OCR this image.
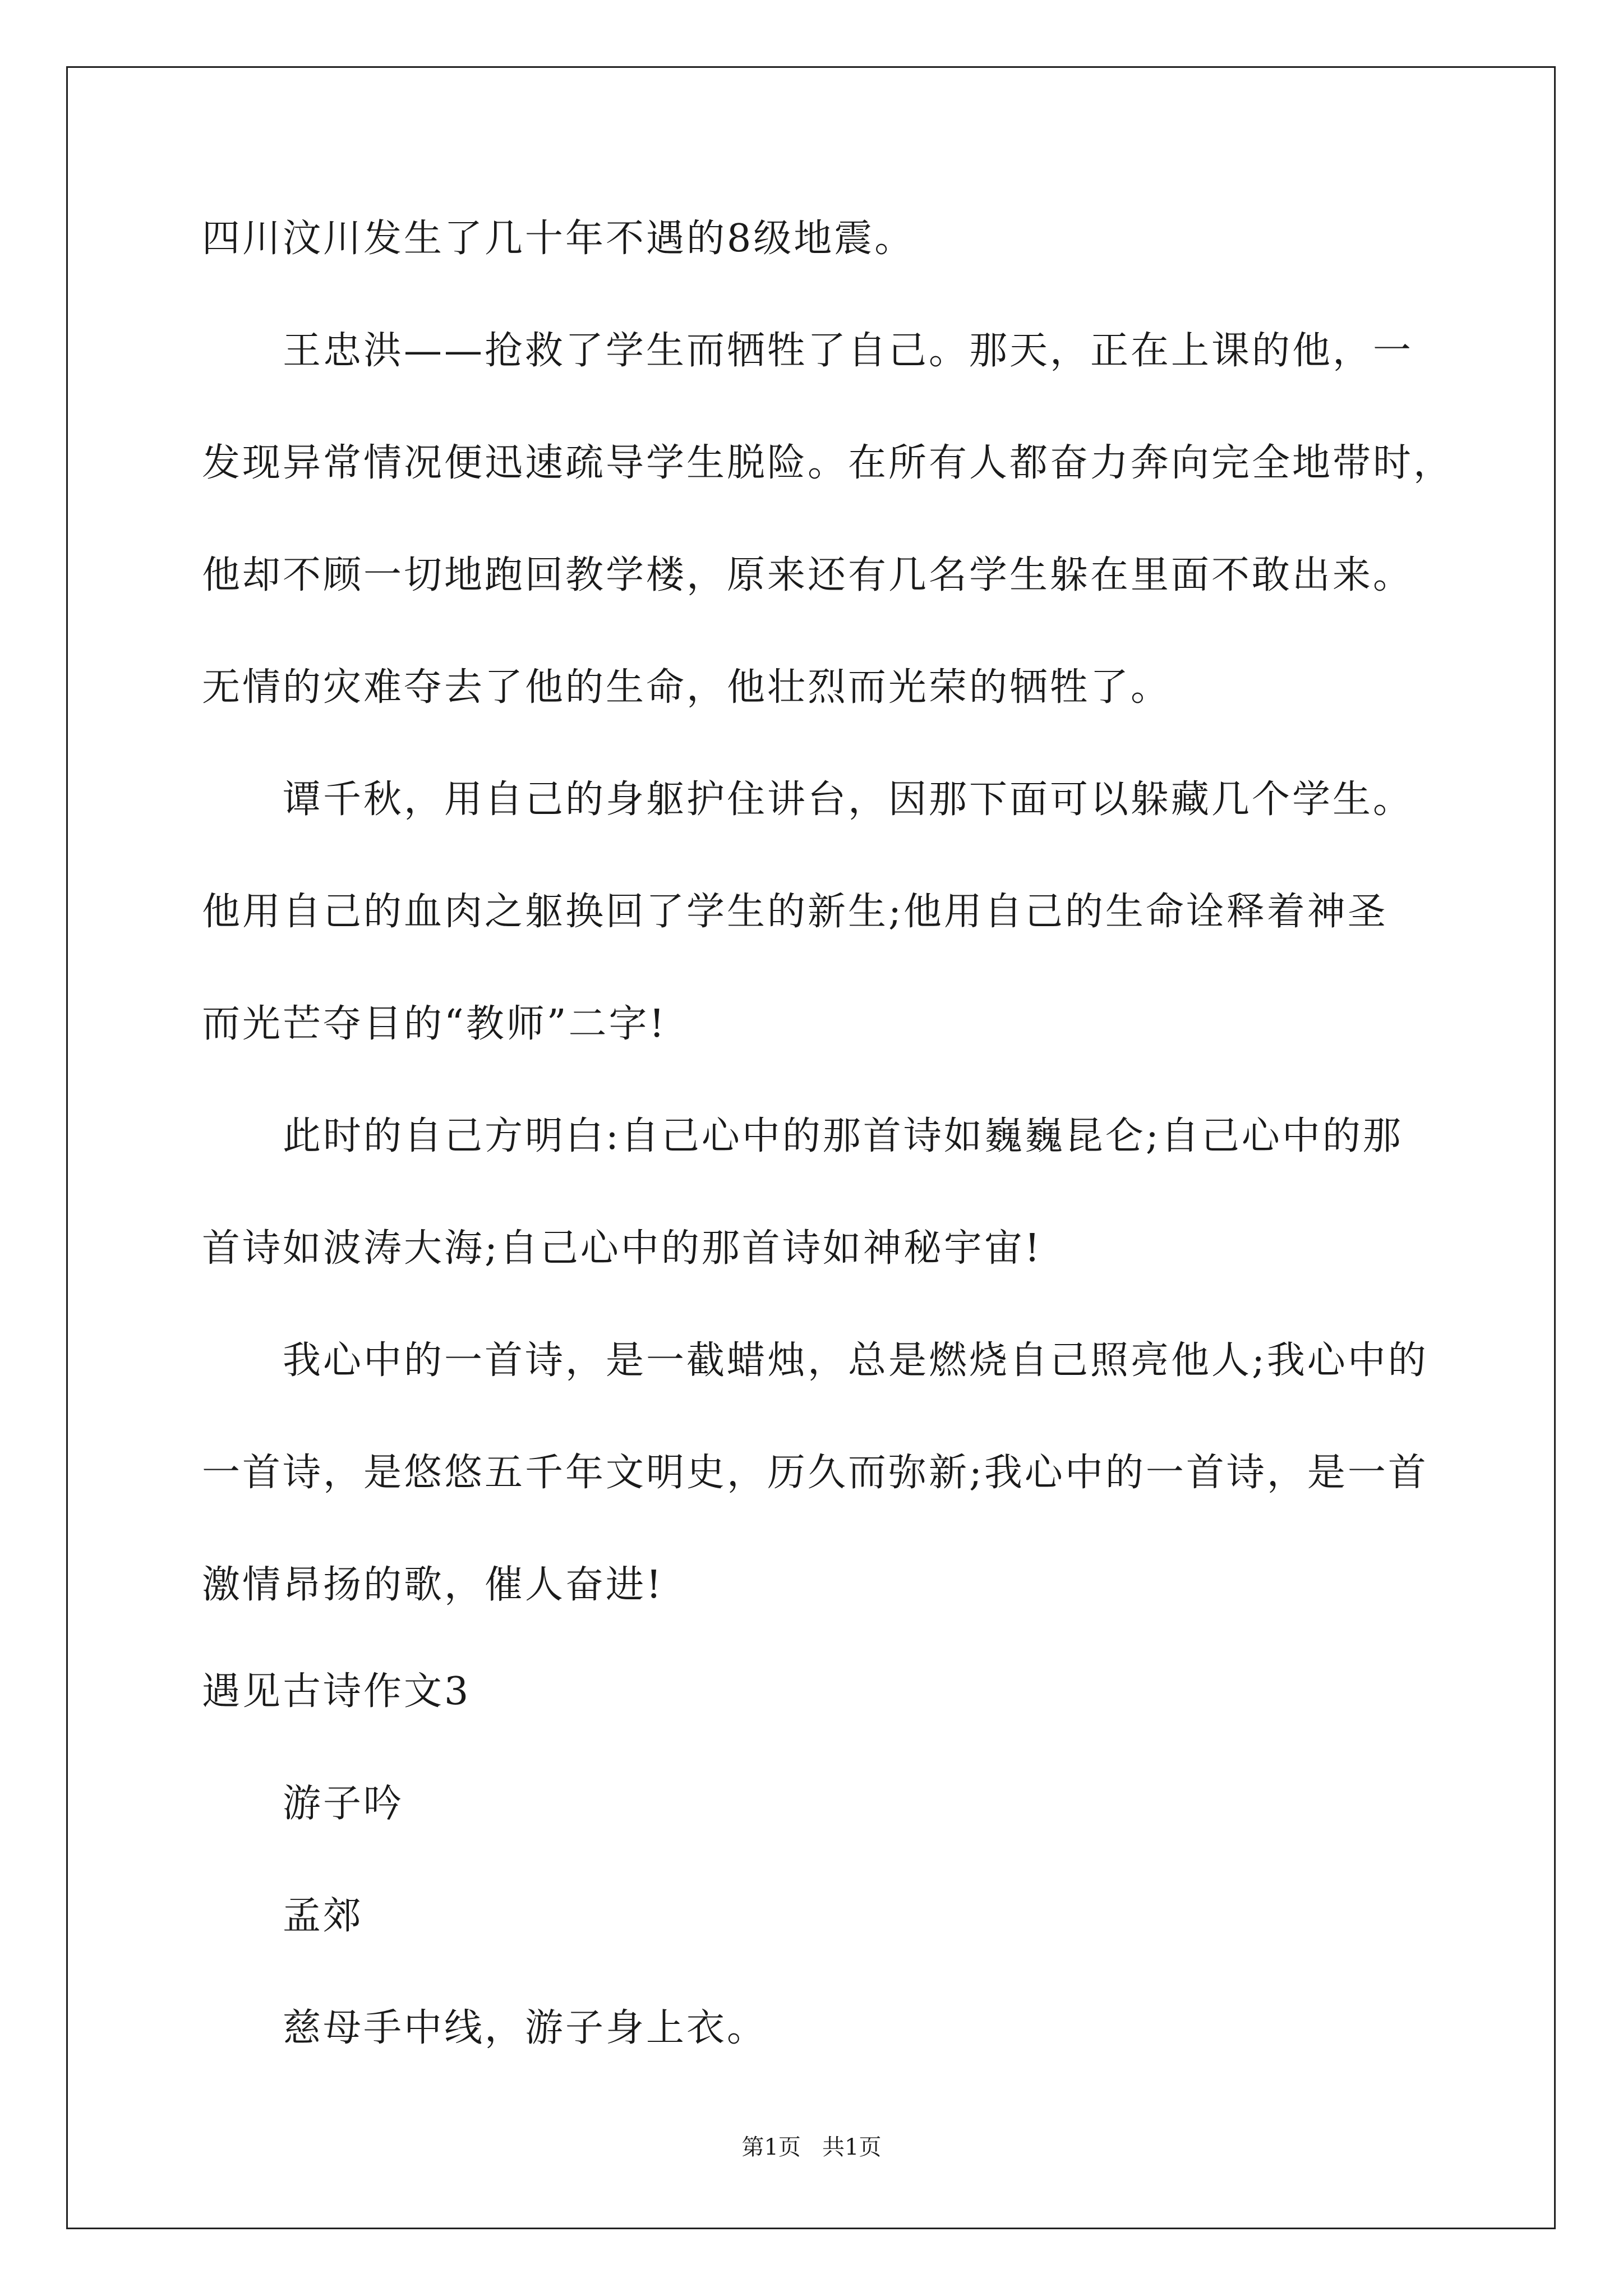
四川汶川发生了几十年不遇的8级地震。
王忠洪——抢救了学生而牺牲了自己。那天，正在上课的他，一
发现异常情况便迅速疏导学生脱险。在所有人都奋力奔向完全地带时，
他却不顾一切地跑回教学楼，原来还有几名学生躲在里面不敢出来。
无情的灾难夺去了他的生命，他壮烈而光荣的牺牲了。
谭千秋，用自己的身躯护住讲台，因那下面可以躲藏几个学生。
他用自己的血肉之躯换回了学生的新生;他用自己的生命诠释着神圣
而光芒夺目的“教师”二字!
此时的自己方明白:自己心中的那首诗如巍巍昆仑;自己心中的那
首诗如波涛大海;自己心中的那首诗如神秘宇宙!
我心中的一首诗，是一截蜡烛，总是燃烧自己照亮他人;我心中的
一首诗，是悠悠五千年文明史，历久而弥新;我心中的一首诗，是一首
激情昂扬的歌，催人奋进!
遇见古诗作文3
游子吟
孟郊
慈母手中线，游子身上衣。
第1页   共1页
